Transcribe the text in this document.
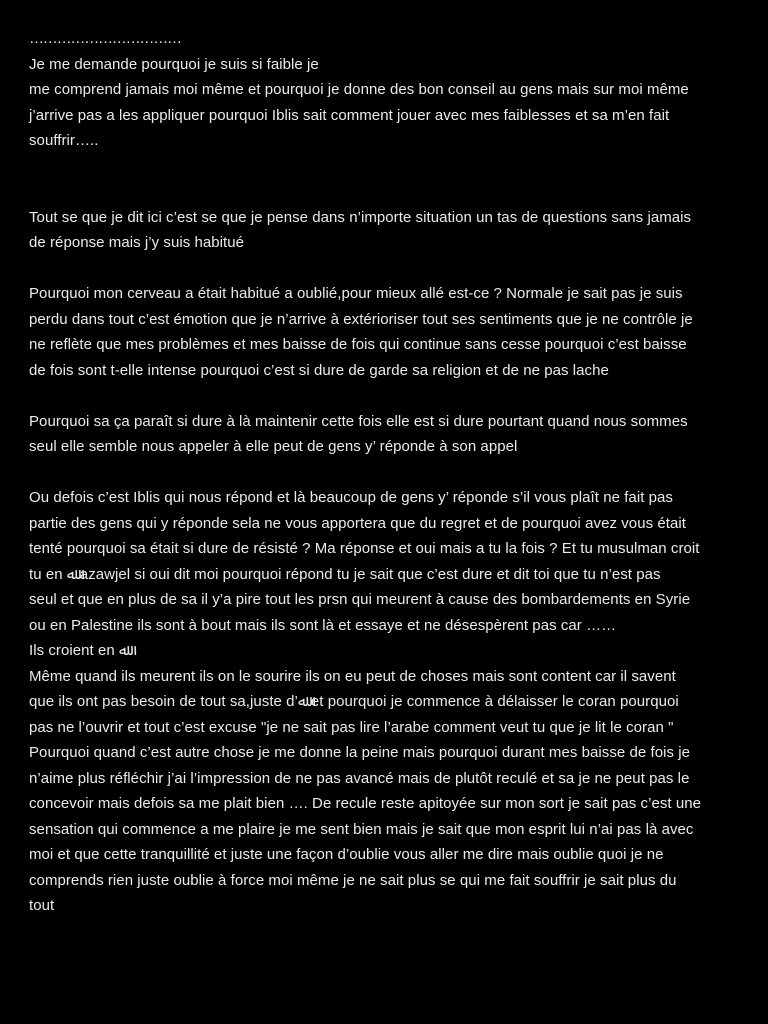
……………………………
Je me demande pourquoi je suis si faible je
me comprend jamais moi même et pourquoi je donne des bon conseil au gens mais sur moi même
j’arrive pas a les appliquer pourquoi Iblis sait comment jouer avec mes faiblesses et sa m’en fait
souffrir…..
Tout se que je dit ici c’est se que je pense dans n’importe situation un tas de questions sans jamais
de réponse mais j’y suis habitué
Pourquoi mon cerveau a était habitué a oublié,pour mieux allé est-ce ? Normale je sait pas je suis
perdu dans tout c’est émotion que je n’arrive à extérioriser tout ses sentiments que je ne contrôle je
ne reflète que mes problèmes et mes baisse de fois qui continue sans cesse pourquoi c’est baisse
de fois sont t-elle intense pourquoi c’est si dure de garde sa religion et de ne pas lache
Pourquoi sa ça paraît si dure à là maintenir cette fois elle est si dure pourtant quand nous sommes
seul elle semble nous appeler à elle peut de gens y’ réponde à son appel
Ou defois c’est Iblis qui nous répond et là beaucoup de gens y’ réponde s’il vous plaît ne fait pas
partie des gens qui y réponde sela ne vous apportera que du regret et de pourquoi avez vous était
tenté pourquoi sa était si dure de résisté ? Ma réponse et oui mais a tu la fois ? Et tu musulman croit
tu en ﷲ azawjel si oui dit moi pourquoi répond tu je sait que c’est dure et dit toi que tu n’est pas
seul et que en plus de sa il y’a pire tout les prsn qui meurent à cause des bombardements en Syrie
ou en Palestine ils sont à bout mais ils sont là et essaye et ne désespèrent pas car ……
Ils croient en ﷲ
Même quand ils meurent ils on le sourire ils on eu peut de choses mais sont content car il savent
que ils ont pas besoin de tout sa,juste d’ﷲ et pourquoi je commence à délaisser le coran pourquoi
pas ne l’ouvrir et tout c’est excuse "je ne sait pas lire l’arabe comment veut tu que je lit le coran "
Pourquoi quand c’est autre chose je me donne la peine mais pourquoi durant mes baisse de fois je
n’aime plus réfléchir j’ai l’impression de ne pas avancé mais de plutôt reculé et sa je ne peut pas le
concevoir mais defois sa me plait bien …. De recule reste apitoyée sur mon sort je sait pas c’est une
sensation qui commence a me plaire je me sent bien mais je sait que mon esprit lui n’ai pas là avec
moi et que cette tranquillité et juste une façon d’oublie vous aller me dire mais oublie quoi je ne
comprends rien juste oublie à force moi même je ne sait plus se qui me fait souffrir je sait plus du
tout
